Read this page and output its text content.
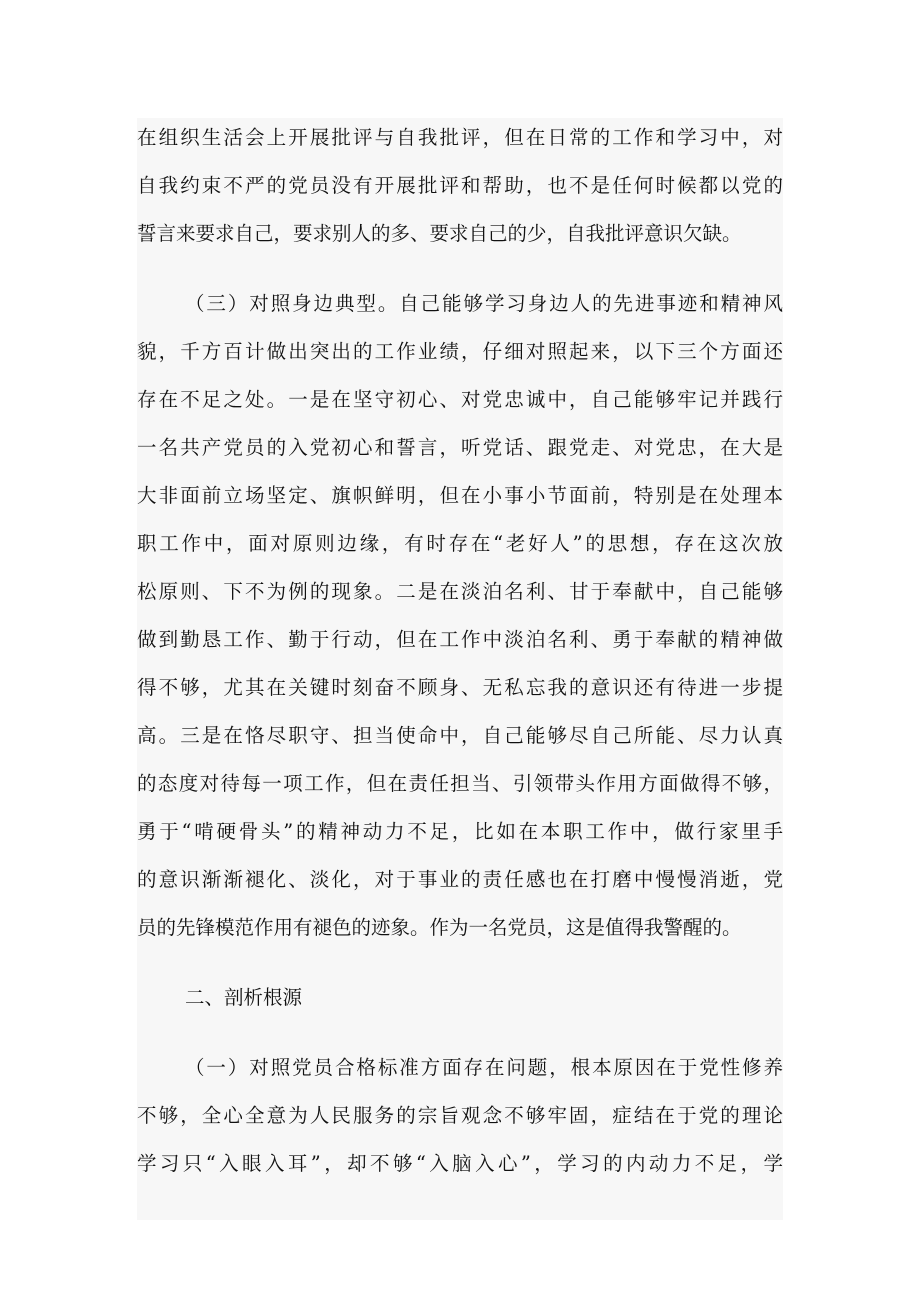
在组织生活会上开展批评与自我批评，但在日常的工作和学习中，对

自我约束不严的党员没有开展批评和帮助，也不是任何时候都以党的

誓言来要求自己，要求别人的多、要求自己的少，自我批评意识欠缺。

（三）对照身边典型。自己能够学习身边人的先进事迹和精神风

貌，千方百计做出突出的工作业绩，仔细对照起来，以下三个方面还

存在不足之处。一是在坚守初心、对党忠诚中，自己能够牢记并践行

一名共产党员的入党初心和誓言，听党话、跟党走、对党忠，在大是

大非面前立场坚定、旗帜鲜明，但在小事小节面前，特别是在处理本

职工作中，面对原则边缘，有时存在“老好人”的思想，存在这次放

松原则、下不为例的现象。二是在淡泊名利、甘于奉献中，自己能够

做到勤恳工作、勤于行动，但在工作中淡泊名利、勇于奉献的精神做

得不够，尤其在关键时刻奋不顾身、无私忘我的意识还有待进一步提

高。三是在恪尽职守、担当使命中，自己能够尽自己所能、尽力认真

的态度对待每一项工作，但在责任担当、引领带头作用方面做得不够，

勇于“啃硬骨头”的精神动力不足，比如在本职工作中，做行家里手

的意识渐渐褪化、淡化，对于事业的责任感也在打磨中慢慢消逝，党

员的先锋模范作用有褪色的迹象。作为一名党员，这是值得我警醒的。

二、剖析根源

（一）对照党员合格标准方面存在问题，根本原因在于党性修养

不够，全心全意为人民服务的宗旨观念不够牢固，症结在于党的理论

学习只“入眼入耳”，却不够“入脑入心”，学习的内动力不足，学
